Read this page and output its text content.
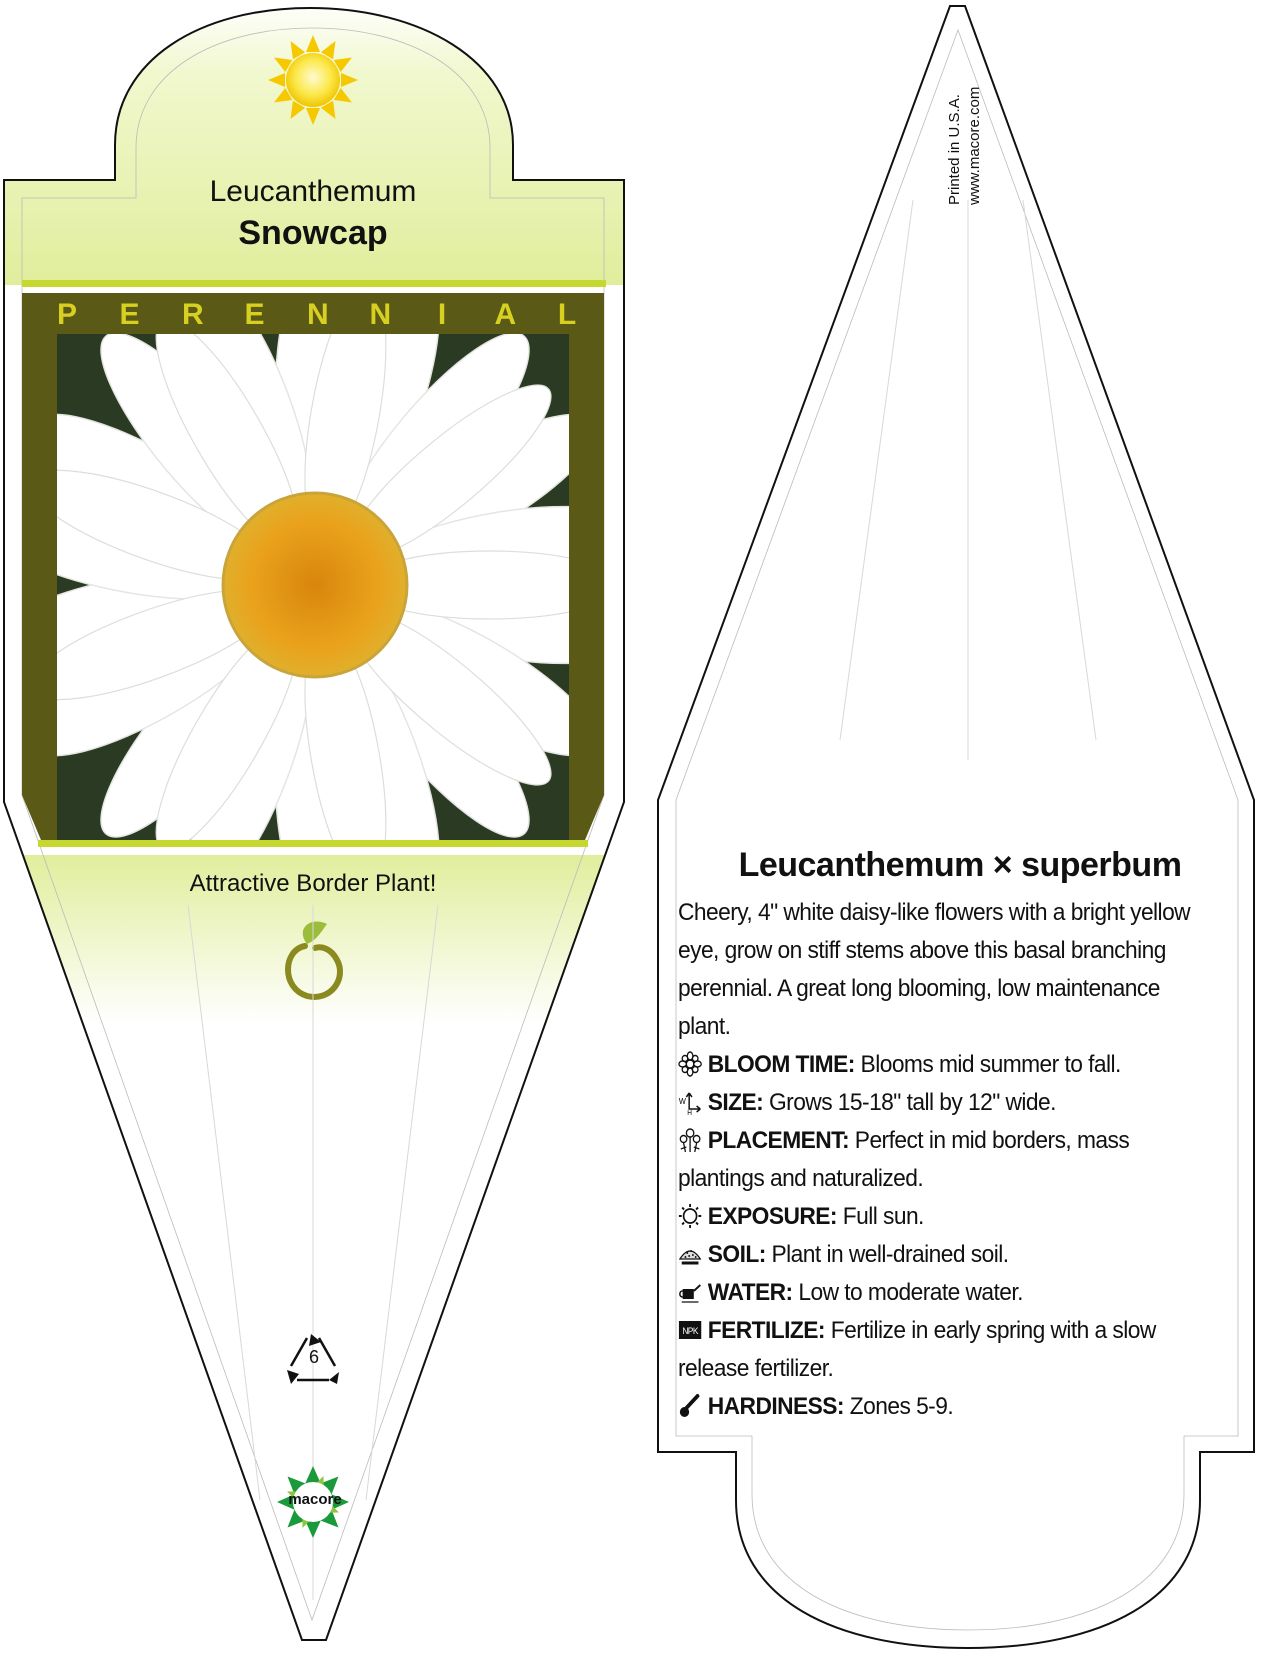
Leucanthemum
Snowcap
P E R E N N I A L
Attractive Border Plant!
6
macore
Printed in U.S.A. www.macore.com
Leucanthemum × superbum

Cheery, 4" white daisy-like flowers with a bright yellow eye, grow on stiff stems above this basal branching perennial. A great long blooming, low maintenance plant.

BLOOM TIME: Blooms mid summer to fall.

W
H SIZE: Grows 15-18" tall by 12" wide.

PLACEMENT: Perfect in mid borders, mass plantings and naturalized.

EXPOSURE: Full sun.

SOIL: Plant in well-drained soil.

WATER: Low to moderate water.

NPK FERTILIZE: Fertilize in early spring with a slow release fertilizer.

HARDINESS: Zones 5-9.
